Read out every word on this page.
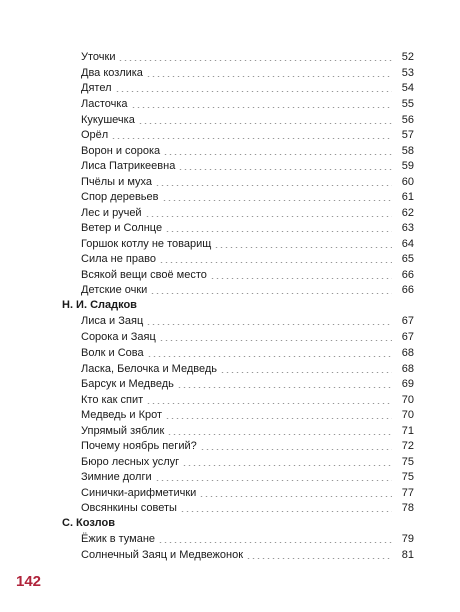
Уточки	52
Два козлика	53
Дятел	54
Ласточка	55
Кукушечка	56
Орёл	57
Ворон и сорока	58
Лиса Патрикеевна	59
Пчёлы и муха	60
Спор деревьев	61
Лес и ручей	62
Ветер и Солнце	63
Горшок котлу не товарищ	64
Сила не право	65
Всякой вещи своё место	66
Детские очки	66
Н. И. Сладков
Лиса и Заяц	67
Сорока и Заяц	67
Волк и Сова	68
Ласка, Белочка и Медведь	68
Барсук и Медведь	69
Кто как спит	70
Медведь и Крот	70
Упрямый зяблик	71
Почему ноябрь пегий?	72
Бюро лесных услуг	75
Зимние долги	75
Синички-арифметички	77
Овсянкины советы	78
С. Козлов
Ёжик в тумане	79
Солнечный Заяц и Медвежонок	81
142
